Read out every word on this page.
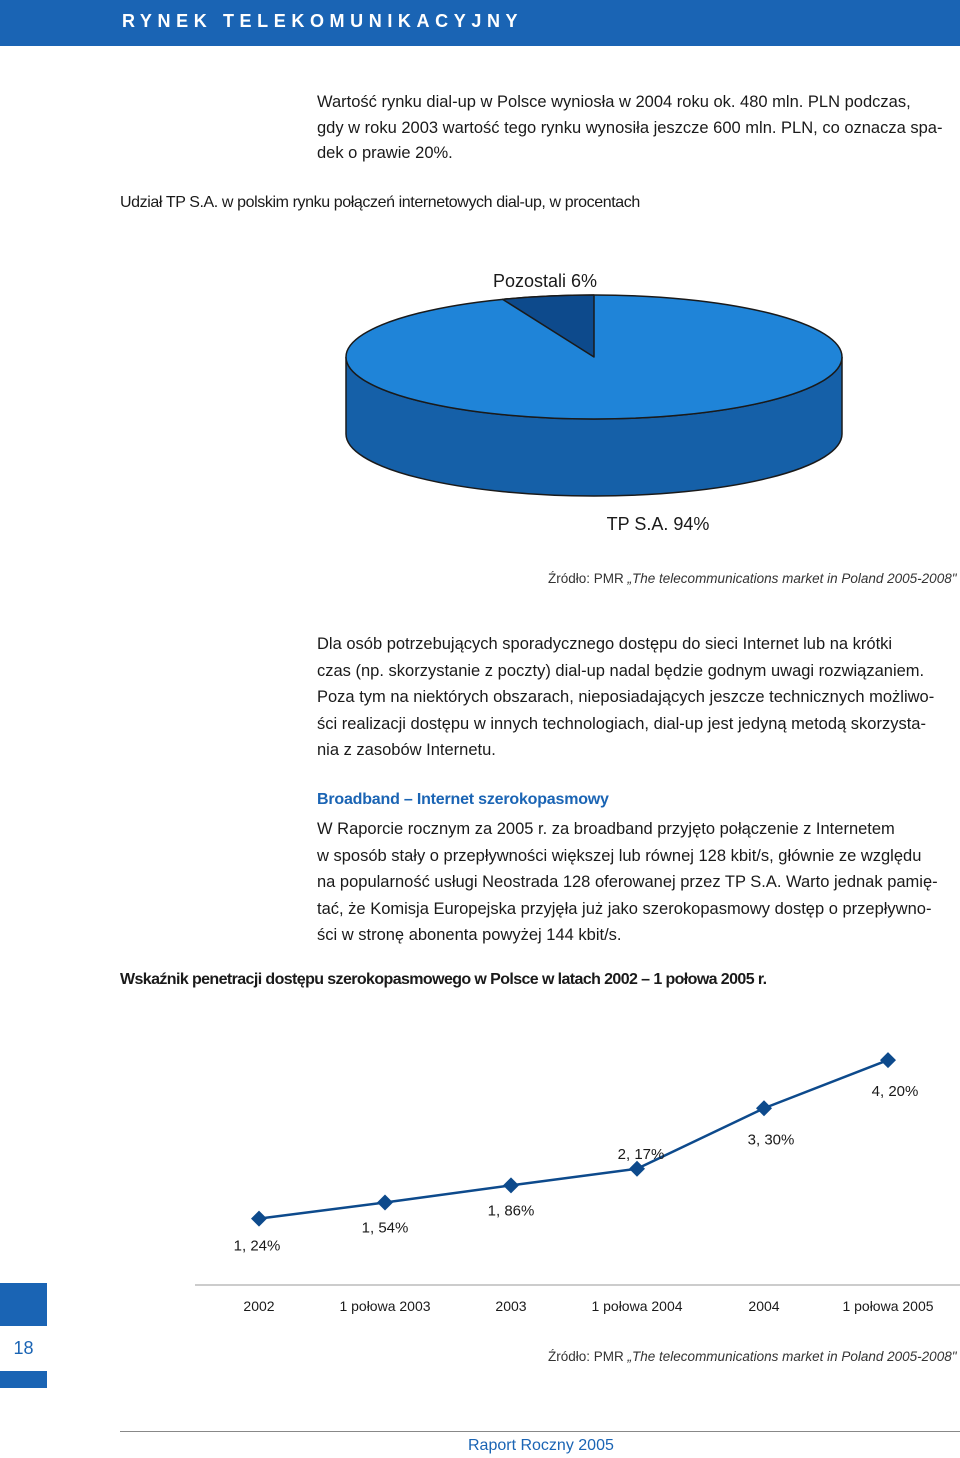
RYNEK TELEKOMUNIKACYJNY
Wartość rynku dial-up w Polsce wyniosła w 2004 roku ok. 480 mln. PLN podczas,
gdy w roku 2003 wartość tego rynku wynosiła jeszcze 600 mln. PLN, co oznacza spa-
dek o prawie 20%.
Udział TP S.A. w polskim rynku połączeń internetowych dial-up, w procentach
Pozostali 6%
TP S.A. 94%
Źródło: PMR „The telecommunications market in Poland 2005-2008"
Dla osób potrzebujących sporadycznego dostępu do sieci Internet lub na krótki
czas (np. skorzystanie z poczty) dial-up nadal będzie godnym uwagi rozwiązaniem.
Poza tym na niektórych obszarach, nieposiadających jeszcze technicznych możliwo-
ści realizacji dostępu w innych technologiach, dial-up jest jedyną metodą skorzysta-
nia z zasobów Internetu.
Broadband – Internet szerokopasmowy
W Raporcie rocznym za 2005 r. za broadband przyjęto połączenie z Internetem
w sposób stały o przepływności większej lub równej 128 kbit/s, głównie ze względu
na popularność usługi Neostrada 128 oferowanej przez TP S.A. Warto jednak pamię-
tać, że Komisja Europejska przyjęła już jako szerokopasmowy dostęp o przepływno-
ści w stronę abonenta powyżej 144 kbit/s.
Wskaźnik penetracji dostępu szerokopasmowego w Polsce w latach 2002 – 1 połowa 2005 r.
1, 24%
2002
1, 54%
1 połowa 2003
1, 86%
2003
2, 17%
1 połowa 2004
3, 30%
2004
4, 20%
1 połowa 2005
Źródło: PMR „The telecommunications market in Poland 2005-2008"
18
Raport Roczny 2005
